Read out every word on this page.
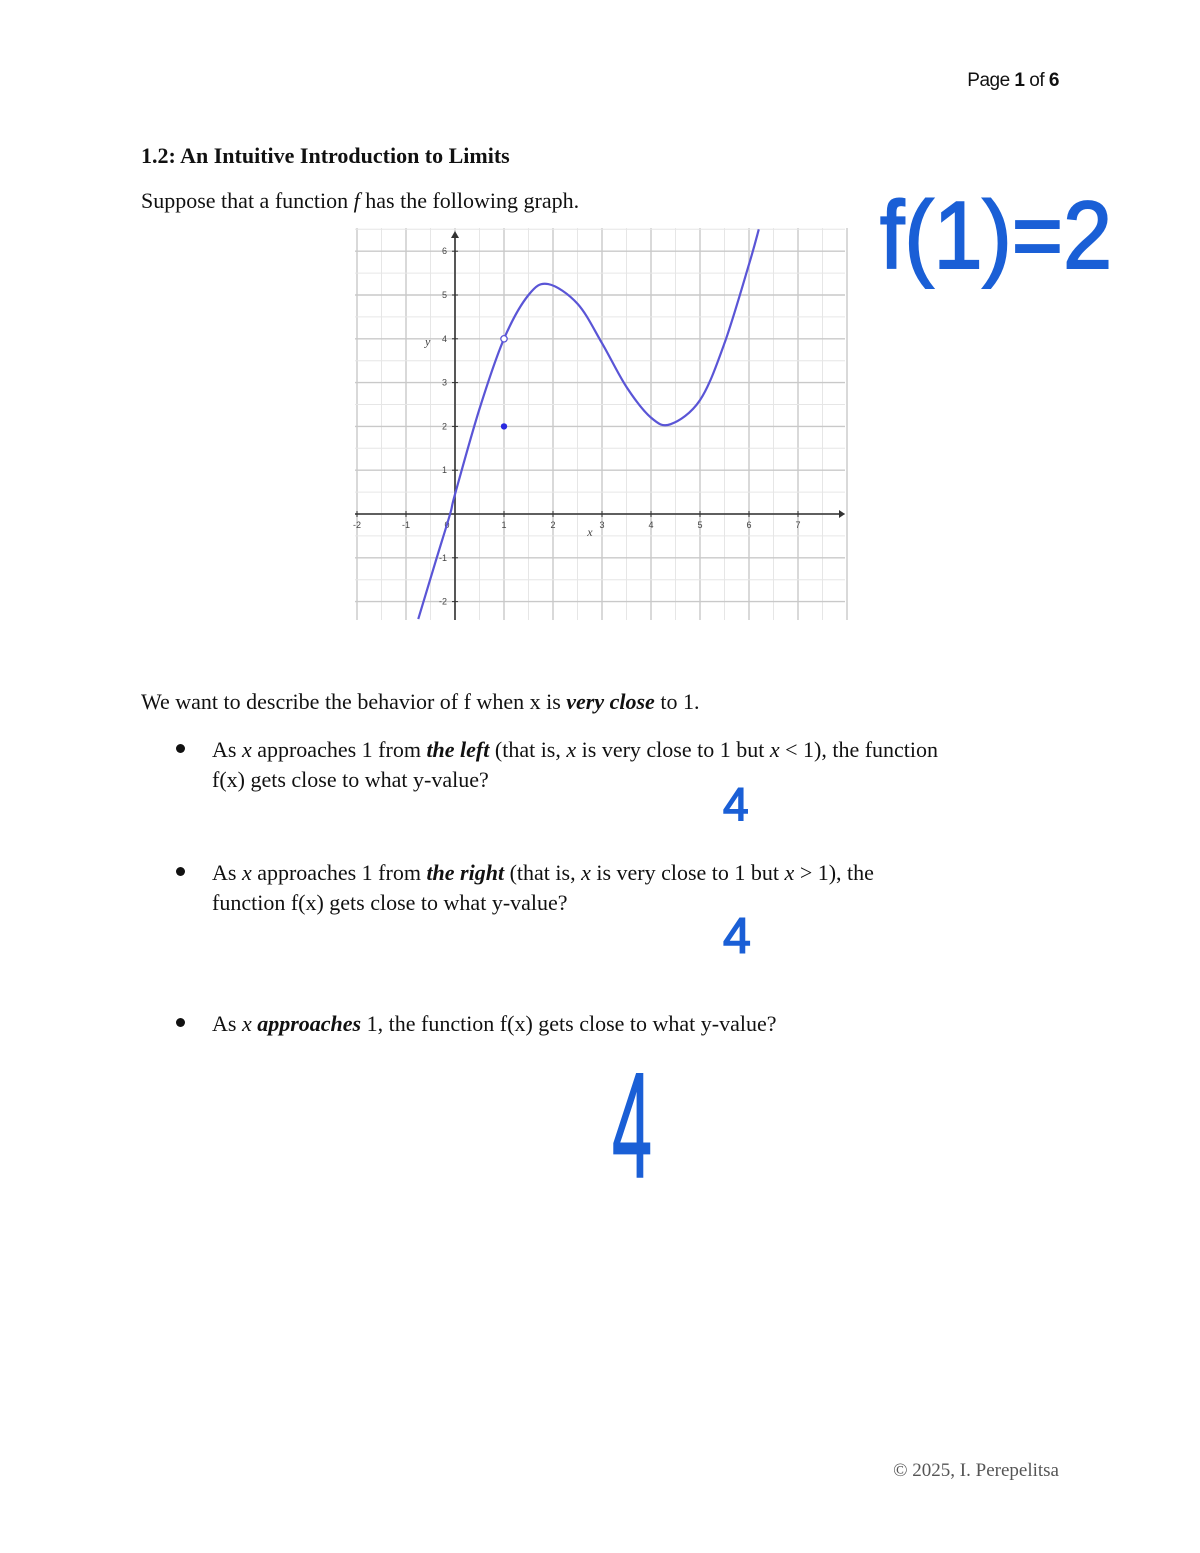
Page 1 of 6
1.2: An Intuitive Introduction to Limits
Suppose that a function f has the following graph.
-2	-1	0	1	2	3	4	5	6	7
-2
-1
1
2
3
4
5
6
x
y
We want to describe the behavior of f when x is very close to 1.
As x approaches 1 from the left (that is, x is very close to 1 but x < 1), the function
f(x) gets close to what y-value?
As x approaches 1 from the right (that is, x is very close to 1 but x > 1), the
function f(x) gets close to what y-value?
As x approaches 1, the function f(x) gets close to what y-value?
© 2025, I. Perepelitsa
f(1)=2
4
4
4
